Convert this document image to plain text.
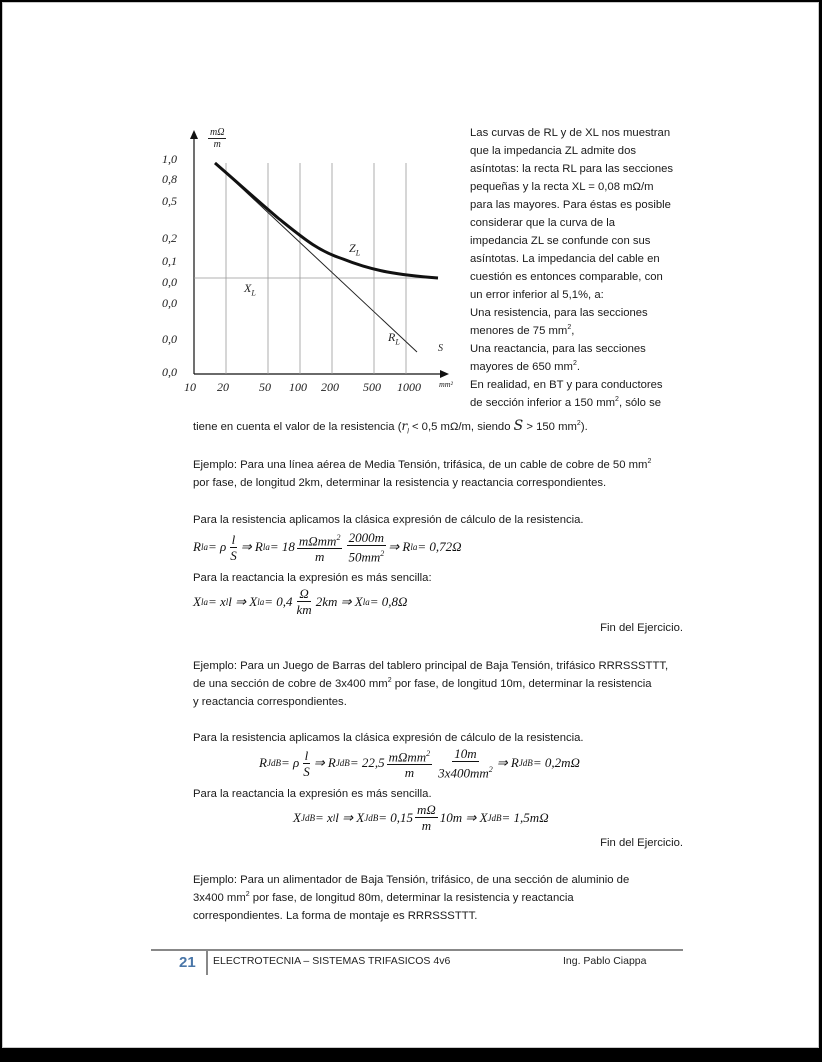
$\frac{m\Omega}{m}$
1,0
0,8
0,5
0,2
0,1
0,0
0,0
0,0
0,0
10 20	50 100 200 500 1000 mm²
$Z_L$
$X_L$
$R_L$
S
Las curvas de RL y de XL nos muestran
que la impedancia ZL admite dos
asíntotas: la recta RL para las secciones
pequeñas y la recta XL = 0,08 mΩ/m
para las mayores. Para éstas es posible
considerar que la curva de la
impedancia ZL se confunde con sus
asíntotas. La impedancia del cable en
cuestión es entonces comparable, con
un error inferior al 5,1%, a:
Una resistencia, para las secciones
menores de 75 $mm^2$,
Una reactancia, para las secciones
mayores de 650 $mm^2$.
En realidad, en BT y para conductores
de sección inferior a 150 $mm^2$, sólo se
tiene en cuenta el valor de la resistencia ($r_l < 0,5$ mΩ/m, siendo S > 150 $mm^2$).
Ejemplo: Para una línea aérea de Media Tensión, trifásica, de un cable de cobre de 50 $mm^2$
por fase, de longitud 2km, determinar la resistencia y reactancia correspondientes.
Para la resistencia aplicamos la clásica expresión de cálculo de la resistencia.
R la = ρ $\frac{l}{S}$ ⇒ R la = $18 \frac{m\Omega mm^2}{m} \frac{2000m}{50mm^2}$ ⇒ R la = 0,72Ω
Para la reactancia la expresión es más sencilla:
X la = x l l ⇒ X la = $0,4 \frac{\Omega}{km} 2km$ ⇒ X la = 0,8Ω
Fin del Ejercicio.
Ejemplo: Para un Juego de Barras del tablero principal de Baja Tensión, trifásico RRRSSSTTT,
de una sección de cobre de 3x400 $mm^2$ por fase, de longitud 10m, determinar la resistencia
y reactancia correspondientes.
Para la resistencia aplicamos la clásica expresión de cálculo de la resistencia.
R JdB = ρ $\frac{l}{S}$ ⇒ R JdB = $22,5 \frac{m\Omega mm^2}{m} \frac{10m}{3x400mm^2}$ ⇒ R JdB = 0,2mΩ
Para la reactancia la expresión es más sencilla.
X JdB = x l l ⇒ X JdB = $0,15 \frac{m\Omega}{m} 10m$ ⇒ X JdB = 1,5mΩ
Fin del Ejercicio.
Ejemplo: Para un alimentador de Baja Tensión, trifásico, de una sección de aluminio de
3x400 $mm^2$ por fase, de longitud 80m, determinar la resistencia y reactancia
correspondientes. La forma de montaje es RRRSSSTTT.
21 ELECTROTECNIA – SISTEMAS TRIFASICOS 4v6	Ing. Pablo Ciappa
